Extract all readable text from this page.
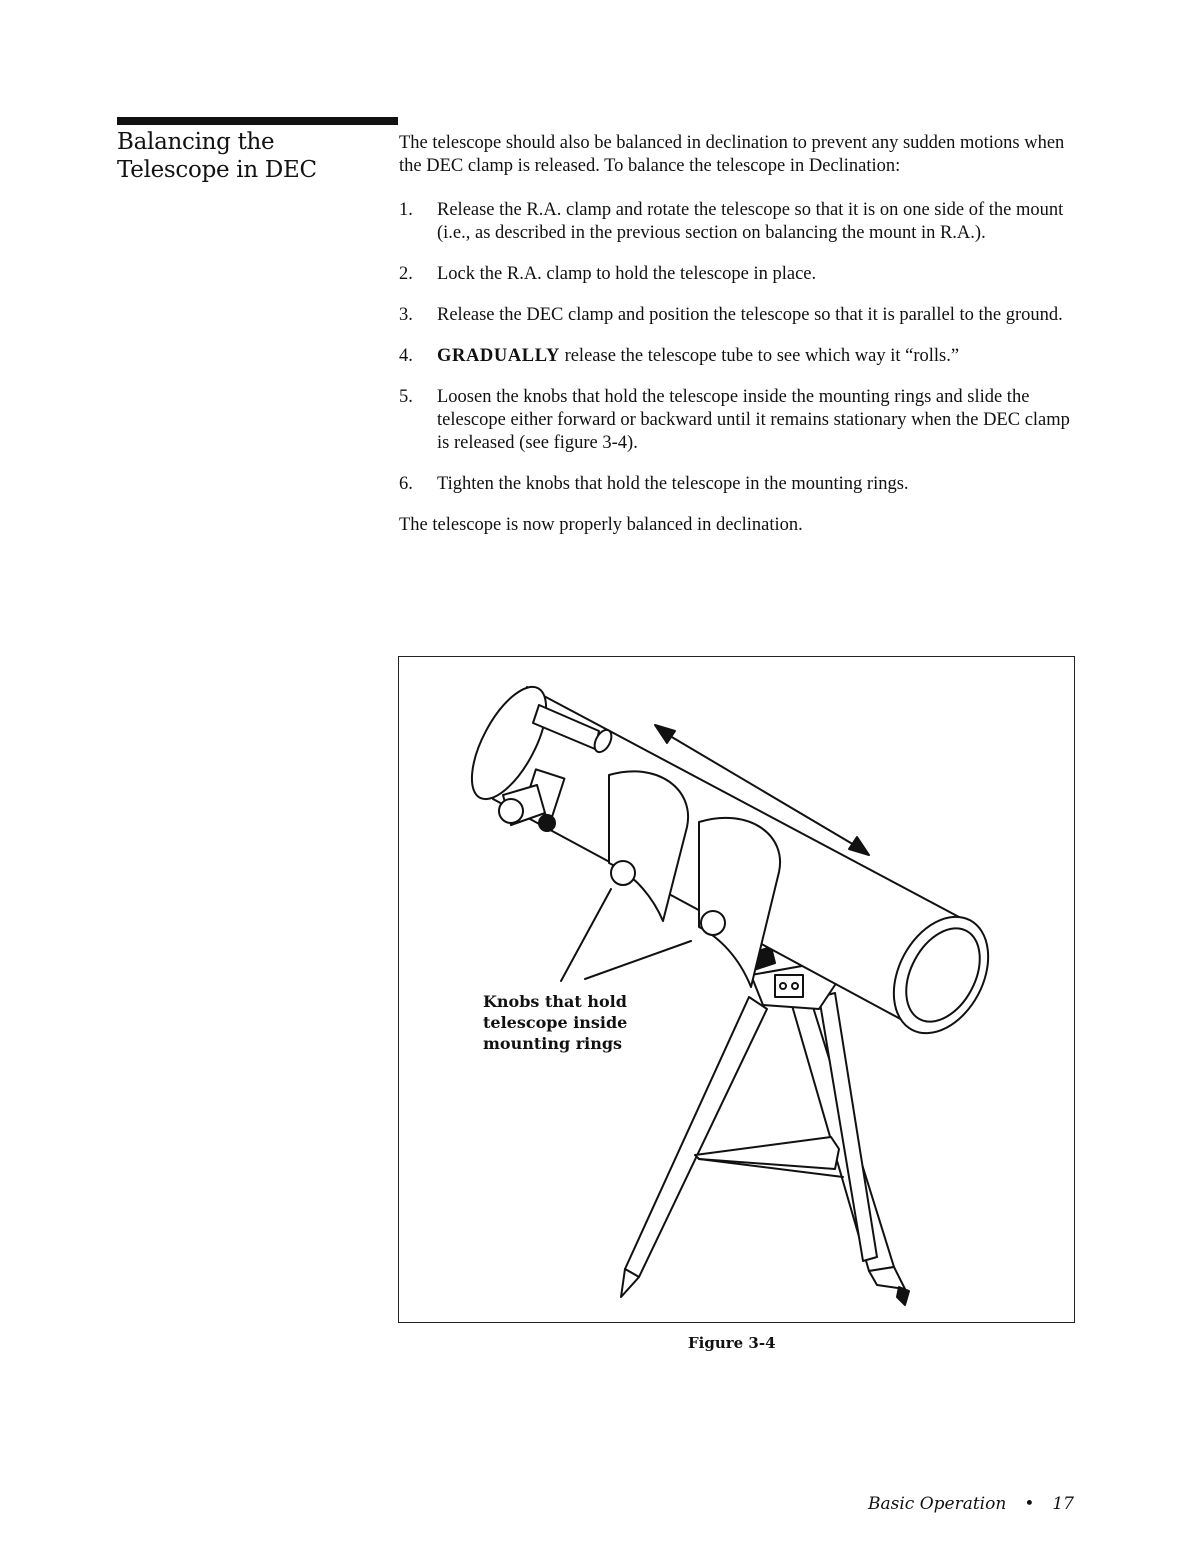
Balancing the Telescope in DEC

The telescope should also be balanced in declination to prevent any sudden motions when the DEC clamp is released. To balance the telescope in Declination:

1. Release the R.A. clamp and rotate the telescope so that it is on one side of the mount (i.e., as described in the previous section on balancing the mount in R.A.).
2. Lock the R.A. clamp to hold the telescope in place.
3. Release the DEC clamp and position the telescope so that it is parallel to the ground.
4. GRADUALLY release the telescope tube to see which way it “rolls.”
5. Loosen the knobs that hold the telescope inside the mounting rings and slide the telescope either forward or backward until it remains stationary when the DEC clamp is released (see figure 3-4).
6. Tighten the knobs that hold the telescope in the mounting rings.

The telescope is now properly balanced in declination.

Knobs that hold telescope inside mounting rings
Figure 3-4
Basic Operation • 17
